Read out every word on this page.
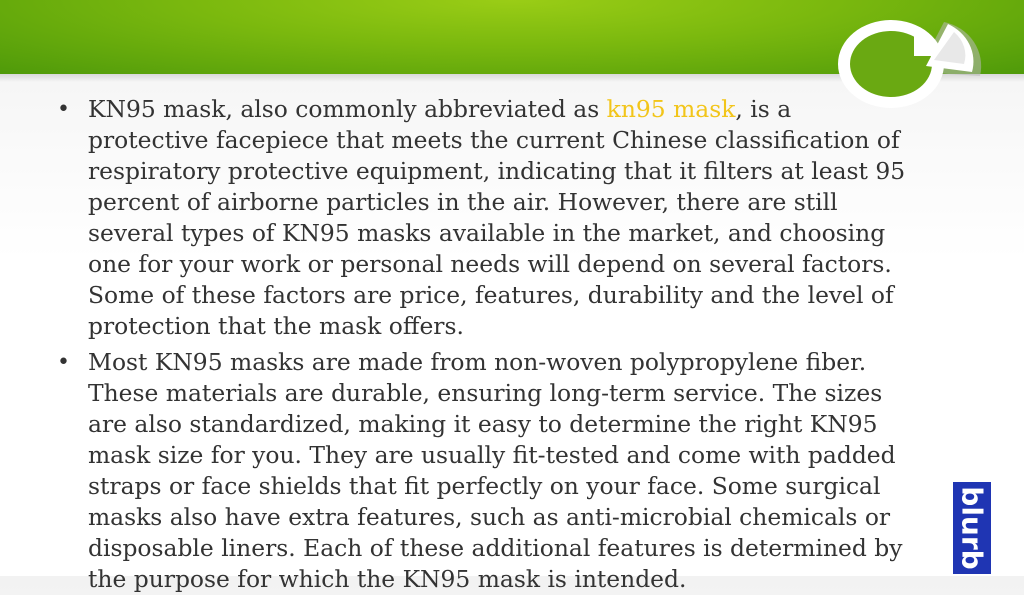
• KN95 mask, also commonly abbreviated as kn95 mask, is a protective facepiece that meets the current Chinese classification of respiratory protective equipment, indicating that it filters at least 95 percent of airborne particles in the air. However, there are still several types of KN95 masks available in the market, and choosing one for your work or personal needs will depend on several factors. Some of these factors are price, features, durability and the level of protection that the mask offers.
• Most KN95 masks are made from non-woven polypropylene fiber. These materials are durable, ensuring long-term service. The sizes are also standardized, making it easy to determine the right KN95 mask size for you. They are usually fit-tested and come with padded straps or face shields that fit perfectly on your face. Some surgical masks also have extra features, such as anti-microbial chemicals or disposable liners. Each of these additional features is determined by the purpose for which the KN95 mask is intended.
blurb
